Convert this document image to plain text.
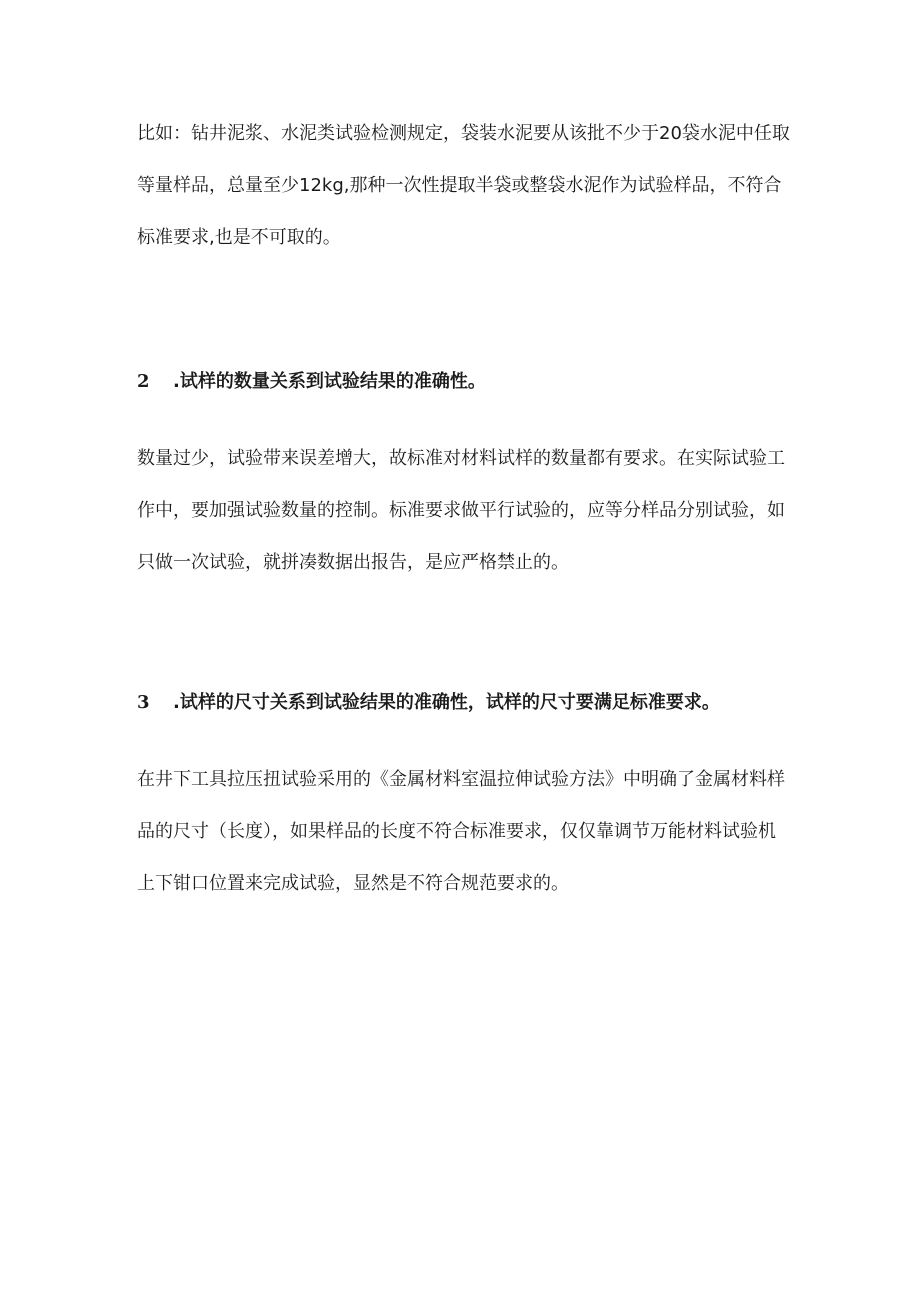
比如：钻井泥浆、水泥类试验检测规定，袋装水泥要从该批不少于20袋水泥中任取等量样品，总量至少12kg,那种一次性提取半袋或整袋水泥作为试验样品，不符合标准要求,也是不可取的。

2 .试样的数量关系到试验结果的准确性。

数量过少，试验带来误差增大，故标准对材料试样的数量都有要求。在实际试验工作中，要加强试验数量的控制。标准要求做平行试验的，应等分样品分别试验，如只做一次试验，就拼凑数据出报告，是应严格禁止的。

3 .试样的尺寸关系到试验结果的准确性，试样的尺寸要满足标准要求。

在井下工具拉压扭试验采用的《金属材料室温拉伸试验方法》中明确了金属材料样品的尺寸（长度），如果样品的长度不符合标准要求，仅仅靠调节万能材料试验机上下钳口位置来完成试验，显然是不符合规范要求的。
